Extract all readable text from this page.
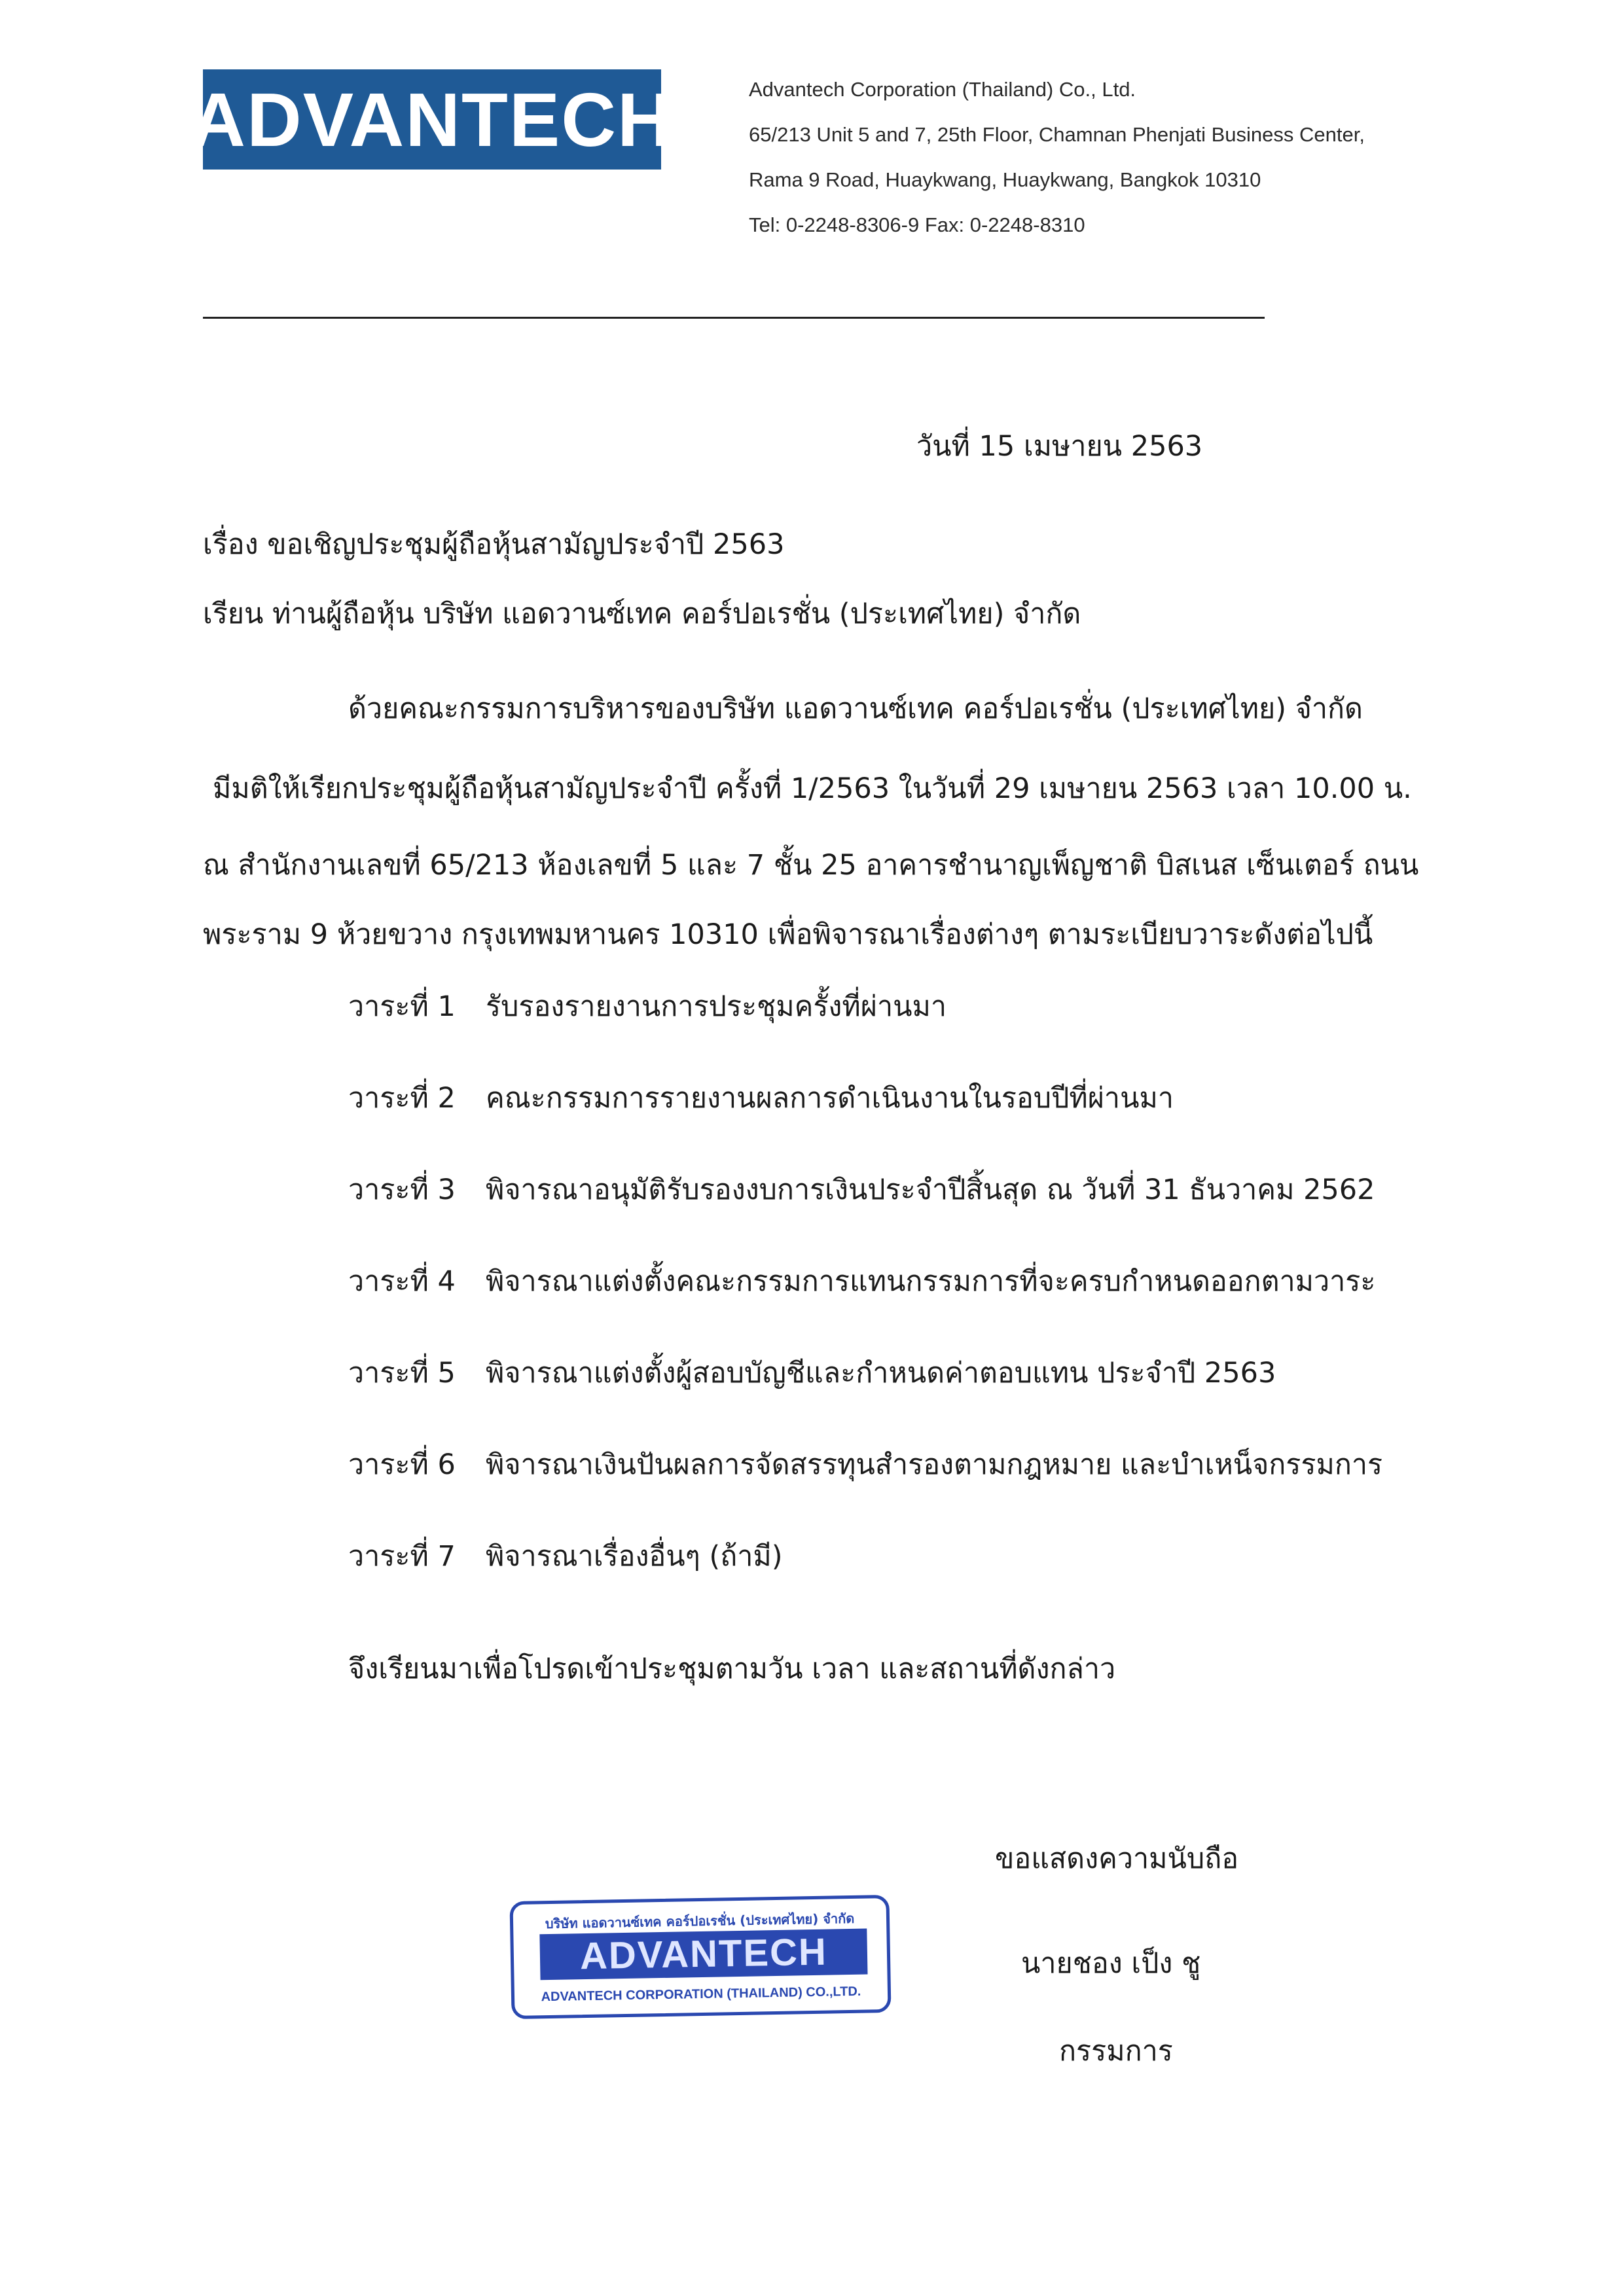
ADVANTECH	Advantech Corporation (Thailand) Co., Ltd.
65/213 Unit 5 and 7, 25th Floor, Chamnan Phenjati Business Center,
Rama 9 Road, Huaykwang, Huaykwang, Bangkok 10310
Tel: 0-2248-8306-9 Fax: 0-2248-8310
วันที่ 15 เมษายน 2563
เรื่อง ขอเชิญประชุมผู้ถือหุ้นสามัญประจำปี 2563
เรียน ท่านผู้ถือหุ้น บริษัท แอดวานซ์เทค คอร์ปอเรชั่น (ประเทศไทย) จำกัด
ด้วยคณะกรรมการบริหารของบริษัท แอดวานซ์เทค คอร์ปอเรชั่น (ประเทศไทย) จำกัด
มีมติให้เรียกประชุมผู้ถือหุ้นสามัญประจำปี ครั้งที่ 1/2563 ในวันที่ 29 เมษายน 2563 เวลา 10.00 น.
ณ สำนักงานเลขที่ 65/213 ห้องเลขที่ 5 และ 7 ชั้น 25 อาคารชำนาญเพ็ญชาติ บิสเนส เซ็นเตอร์ ถนน
พระราม 9 ห้วยขวาง กรุงเทพมหานคร 10310 เพื่อพิจารณาเรื่องต่างๆ ตามระเบียบวาระดังต่อไปนี้
วาระที่ 1 รับรองรายงานการประชุมครั้งที่ผ่านมา
วาระที่ 2 คณะกรรมการรายงานผลการดำเนินงานในรอบปีที่ผ่านมา
วาระที่ 3 พิจารณาอนุมัติรับรองงบการเงินประจำปีสิ้นสุด ณ วันที่ 31 ธันวาคม 2562
วาระที่ 4 พิจารณาแต่งตั้งคณะกรรมการแทนกรรมการที่จะครบกำหนดออกตามวาระ
วาระที่ 5 พิจารณาแต่งตั้งผู้สอบบัญชีและกำหนดค่าตอบแทน ประจำปี 2563
วาระที่ 6 พิจารณาเงินปันผลการจัดสรรทุนสำรองตามกฎหมาย และบำเหน็จกรรมการ
วาระที่ 7 พิจารณาเรื่องอื่นๆ (ถ้ามี)
จึงเรียนมาเพื่อโปรดเข้าประชุมตามวัน เวลา และสถานที่ดังกล่าว
ขอแสดงความนับถือ
นายชอง เป็ง ชู
กรรมการ
บริษัท แอดวานซ์เทค คอร์ปอเรชั่น (ประเทศไทย) จำกัด
ADVANTECH
ADVANTECH CORPORATION (THAILAND) CO.,LTD.
